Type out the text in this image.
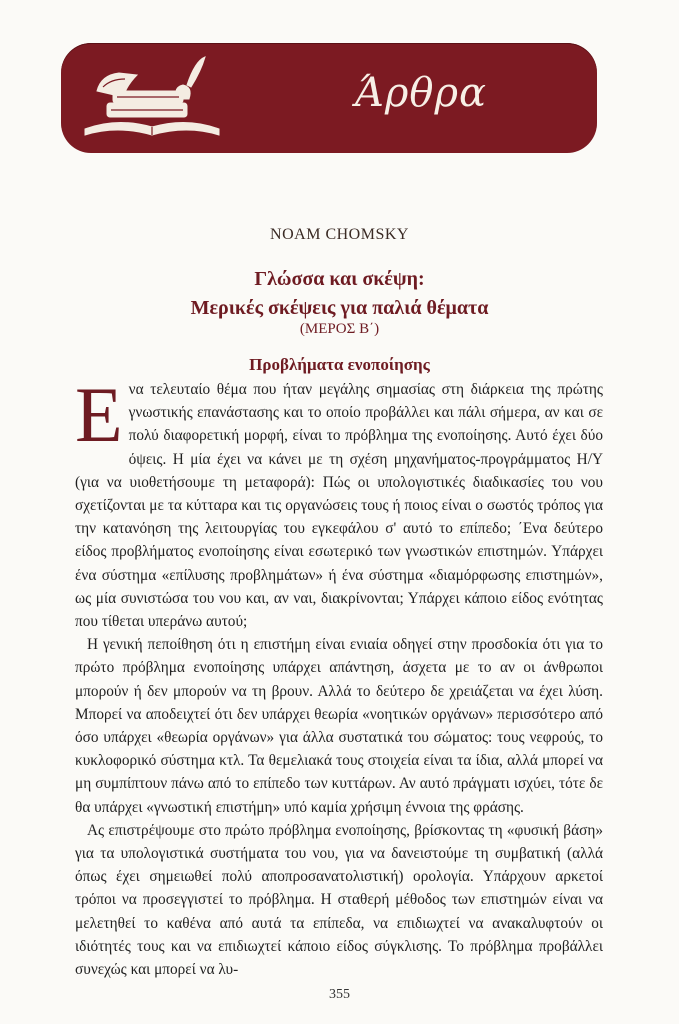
Άρθρα
NOAM CHOMSKY
Γλώσσα και σκέψη:
Μερικές σκέψεις για παλιά θέματα
(ΜΕΡΟΣ Β΄)
Προβλήματα ενοποίησης

Ενα τελευταίο θέμα που ήταν μεγάλης σημασίας στη διάρκεια της πρώτης γνωστικής επανάστασης και το οποίο προβάλλει και πάλι σήμερα, αν και σε πολύ διαφορετική μορφή, είναι το πρόβλημα της ενοποίησης. Αυτό έχει δύο όψεις. Η μία έχει να κάνει με τη σχέση μηχανήματος-προγράμματος Η/Υ (για να υιοθετήσουμε τη μεταφορά): Πώς οι υπολογιστικές διαδικασίες του νου σχετίζονται με τα κύτταρα και τις οργανώσεις τους ή ποιος είναι ο σωστός τρόπος για την κατανόηση της λειτουργίας του εγκεφάλου σ' αυτό το επίπεδο; ΄Ενα δεύτερο είδος προβλήματος ενοποίησης είναι εσωτερικό των γνωστικών επιστημών. Υπάρχει ένα σύστημα «επίλυσης προβλημάτων» ή ένα σύστημα «διαμόρφωσης επιστημών», ως μία συνιστώσα του νου και, αν ναι, διακρίνονται; Υπάρχει κάποιο είδος ενότητας που τίθεται υπεράνω αυτού;

Η γενική πεποίθηση ότι η επιστήμη είναι ενιαία οδηγεί στην προσδοκία ότι για το πρώτο πρόβλημα ενοποίησης υπάρχει απάντηση, άσχετα με το αν οι άνθρωποι μπορούν ή δεν μπορούν να τη βρουν. Αλλά το δεύτερο δε χρειάζεται να έχει λύση. Μπορεί να αποδειχτεί ότι δεν υπάρχει θεωρία «νοητικών οργάνων» περισσότερο από όσο υπάρχει «θεωρία οργάνων» για άλλα συστατικά του σώματος: τους νεφρούς, το κυκλοφορικό σύστημα κτλ. Τα θεμελιακά τους στοιχεία είναι τα ίδια, αλλά μπορεί να μη συμπίπτουν πάνω από το επίπεδο των κυττάρων. Αν αυτό πράγματι ισχύει, τότε δε θα υπάρχει «γνωστική επιστήμη» υπό καμία χρήσιμη έννοια της φράσης.

Ας επιστρέψουμε στο πρώτο πρόβλημα ενοποίησης, βρίσκοντας τη «φυσική βάση» για τα υπολογιστικά συστήματα του νου, για να δανειστούμε τη συμβατική (αλλά όπως έχει σημειωθεί πολύ αποπροσανατολιστική) ορολογία. Υπάρχουν αρκετοί τρόποι να προσεγγιστεί το πρόβλημα. Η σταθερή μέθοδος των επιστημών είναι να μελετηθεί το καθένα από αυτά τα επίπεδα, να επιδιωχτεί να ανακαλυφτούν οι ιδιότητές τους και να επιδιωχτεί κάποιο είδος σύγκλισης. Το πρόβλημα προβάλλει συνεχώς και μπορεί να λυ-

355
